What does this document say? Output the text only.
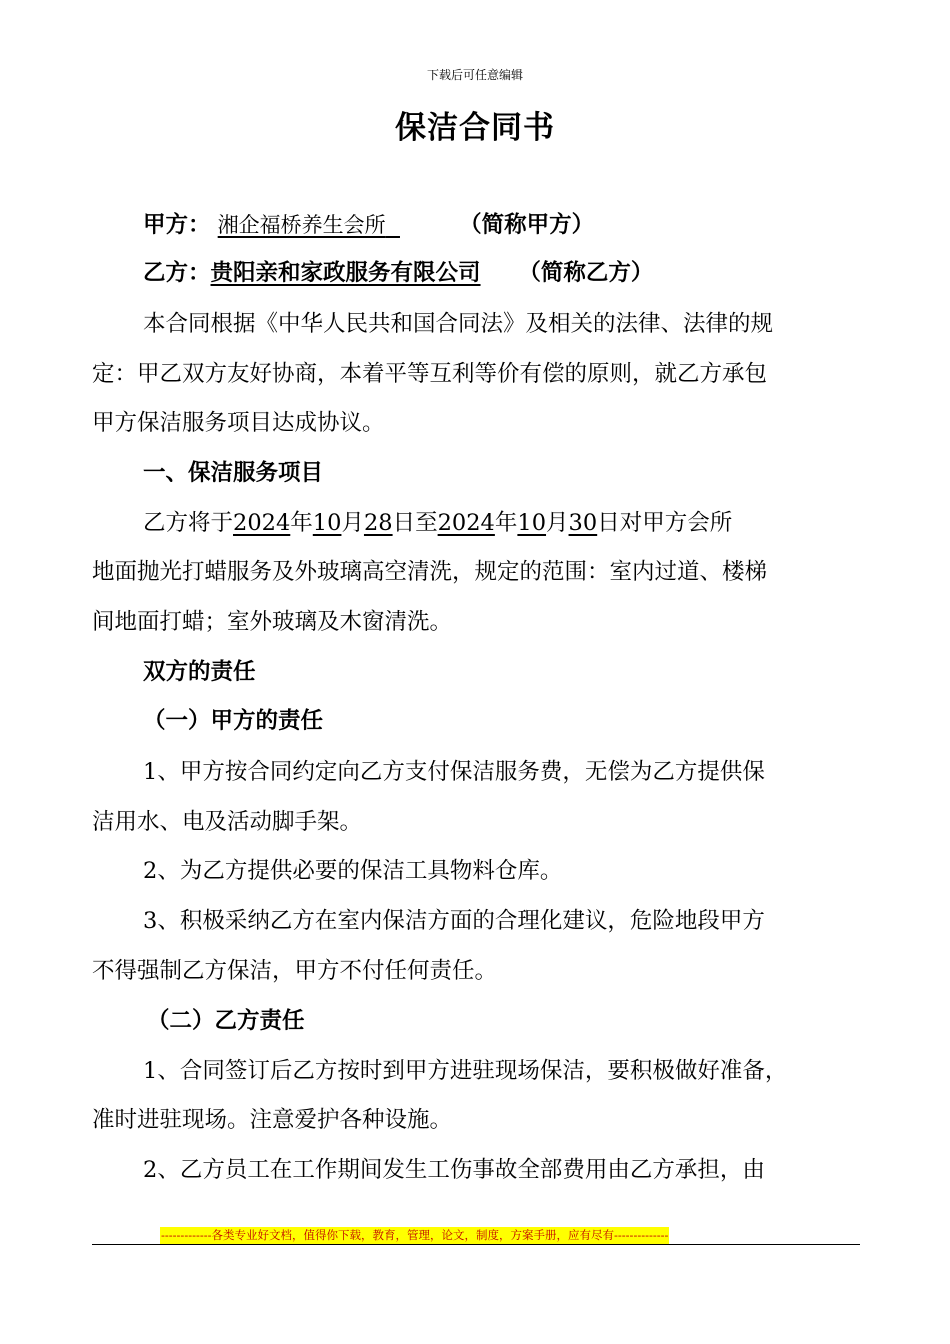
下载后可任意编辑
保洁合同书
甲方： 湘企福桥养生会所	（简称甲方）
乙方：贵阳亲和家政服务有限公司 （简称乙方）
本合同根据《中华人民共和国合同法》及相关的法律、法律的规
定：甲乙双方友好协商，本着平等互利等价有偿的原则，就乙方承包
甲方保洁服务项目达成协议。
一、保洁服务项目
乙方将于2024年10月28日至2024年10月30日对甲方会所
地面抛光打蜡服务及外玻璃高空清洗，规定的范围：室内过道、楼梯
间地面打蜡；室外玻璃及木窗清洗。
双方的责任
（一）甲方的责任
1、甲方按合同约定向乙方支付保洁服务费，无偿为乙方提供保
洁用水、电及活动脚手架。
2、为乙方提供必要的保洁工具物料仓库。
3、积极采纳乙方在室内保洁方面的合理化建议，危险地段甲方
不得强制乙方保洁，甲方不付任何责任。
（二）乙方责任
1、合同签订后乙方按时到甲方进驻现场保洁，要积极做好准备，
准时进驻现场。注意爱护各种设施。
2、乙方员工在工作期间发生工伤事故全部费用由乙方承担，由
-------------各类专业好文档，值得你下载，教育，管理，论文，制度，方案手册，应有尽有--------------
